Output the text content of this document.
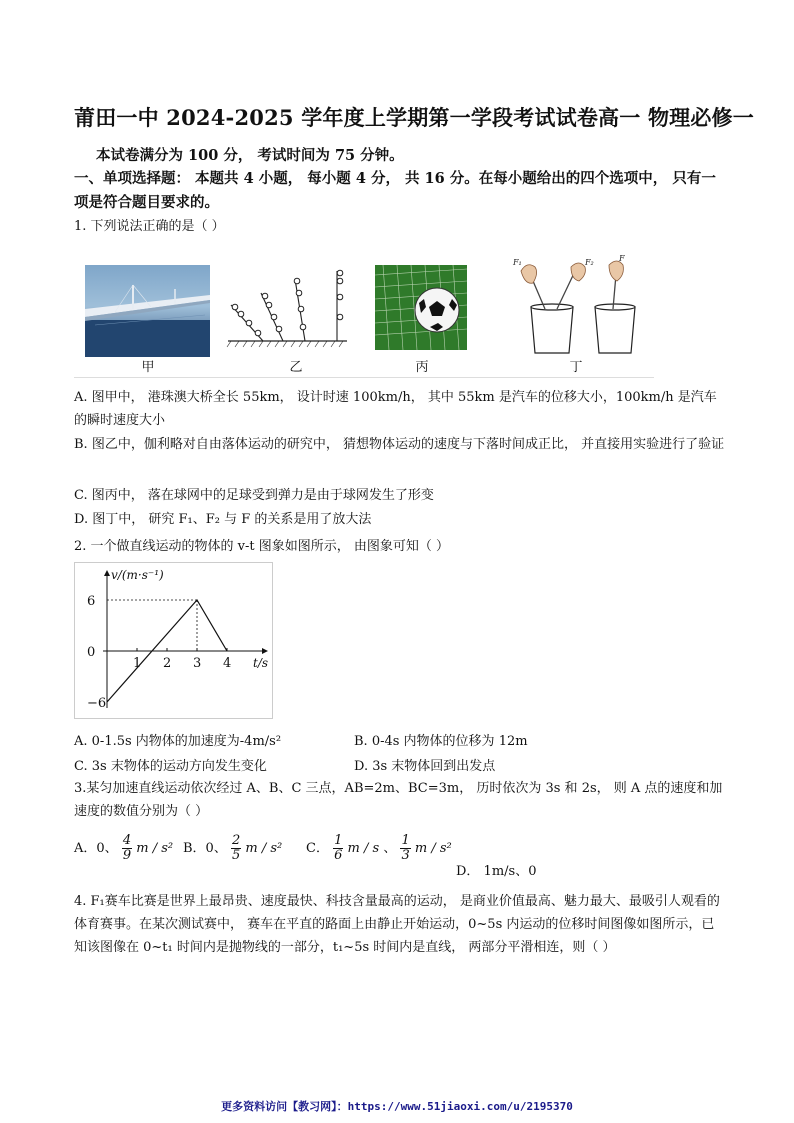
莆田一中 2024-2025 学年度上学期第一学段考试试卷高一 物理必修一
本试卷满分为 100 分， 考试时间为 75 分钟。
一、单项选择题： 本题共 4 小题， 每小题 4 分， 共 16 分。在每小题给出的四个选项中， 只有一项是符合题目要求的。
1. 下列说法正确的是（ ）
F₁	F₂	F
甲	乙	丙	丁
A. 图甲中， 港珠澳大桥全长 55km， 设计时速 100km/h， 其中 55km 是汽车的位移大小，100km/h 是汽车的瞬时速度大小
B. 图乙中，伽利略对自由落体运动的研究中， 猜想物体运动的速度与下落时间成正比， 并直接用实验进行了验证
C. 图丙中， 落在球网中的足球受到弹力是由于球网发生了形变
D. 图丁中， 研究 F₁、F₂ 与 F 的关系是用了放大法
2. 一个做直线运动的物体的 v-t 图象如图所示， 由图象可知（ ）
6
0
−6
1 2 3 4
v/(m·s⁻¹)
t/s
A. 0-1.5s 内物体的加速度为-4m/s²	B. 0-4s 内物体的位移为 12m
C. 3s 末物体的运动方向发生变化	D. 3s 末物体回到出发点
3.某匀加速直线运动依次经过 A、B、C 三点，AB=2m、BC=3m， 历时依次为 3s 和 2s， 则 A 点的速度和加速度的数值分别为（ ）
A．0、 $\frac{4}{9}$ m / s² B．0、 $\frac{2}{5}$ m / s² C． $\frac{1}{6}$ m / s 、 $\frac{1}{3}$ m / s²
D． 1m/s、0
4. F₁赛车比赛是世界上最昂贵、速度最快、科技含量最高的运动， 是商业价值最高、魅力最大、最吸引人观看的体育赛事。在某次测试赛中， 赛车在平直的路面上由静止开始运动，0~5s 内运动的位移时间图像如图所示，已知该图像在 0~t₁ 时间内是抛物线的一部分，t₁~5s 时间内是直线， 两部分平滑相连，则（ ）
更多资料访问【教习网】：https://www.51jiaoxi.com/u/2195370
